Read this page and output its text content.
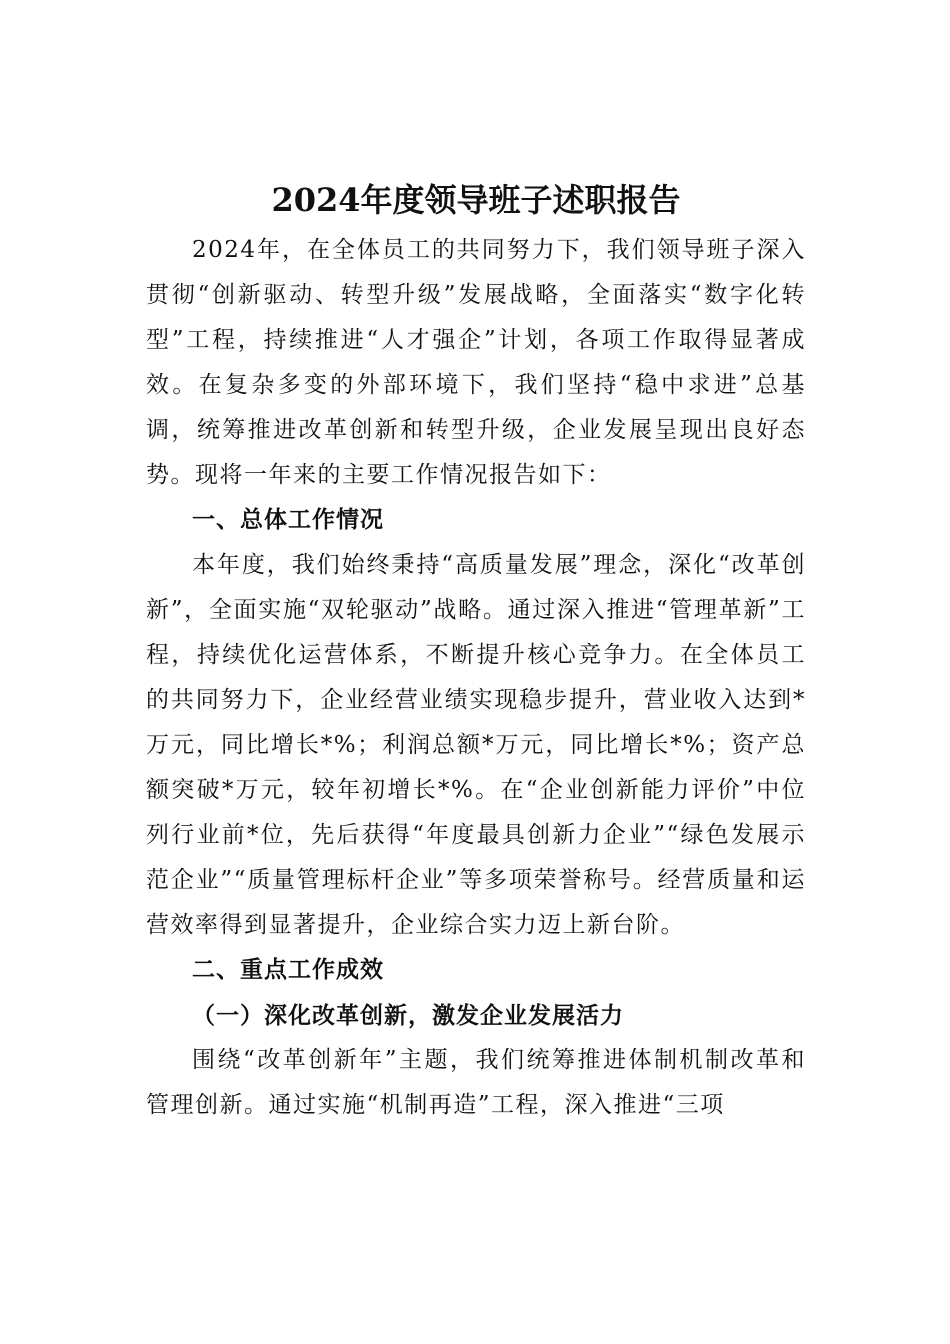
2024年度领导班子述职报告

2024年，在全体员工的共同努力下，我们领导班子深入贯彻“创新驱动、转型升级”发展战略，全面落实“数字化转型”工程，持续推进“人才强企”计划，各项工作取得显著成效。在复杂多变的外部环境下，我们坚持“稳中求进”总基调，统筹推进改革创新和转型升级，企业发展呈现出良好态势。现将一年来的主要工作情况报告如下：

一、总体工作情况

本年度，我们始终秉持“高质量发展”理念，深化“改革创新”，全面实施“双轮驱动”战略。通过深入推进“管理革新”工程，持续优化运营体系，不断提升核心竞争力。在全体员工的共同努力下，企业经营业绩实现稳步提升，营业收入达到*万元，同比增长*%；利润总额*万元，同比增长*%；资产总额突破*万元，较年初增长*%。在“企业创新能力评价”中位列行业前*位，先后获得“年度最具创新力企业”“绿色发展示范企业”“质量管理标杆企业”等多项荣誉称号。经营质量和运营效率得到显著提升，企业综合实力迈上新台阶。

二、重点工作成效

（一）深化改革创新，激发企业发展活力

围绕“改革创新年”主题，我们统筹推进体制机制改革和管理创新。通过实施“机制再造”工程，深入推进“三项
